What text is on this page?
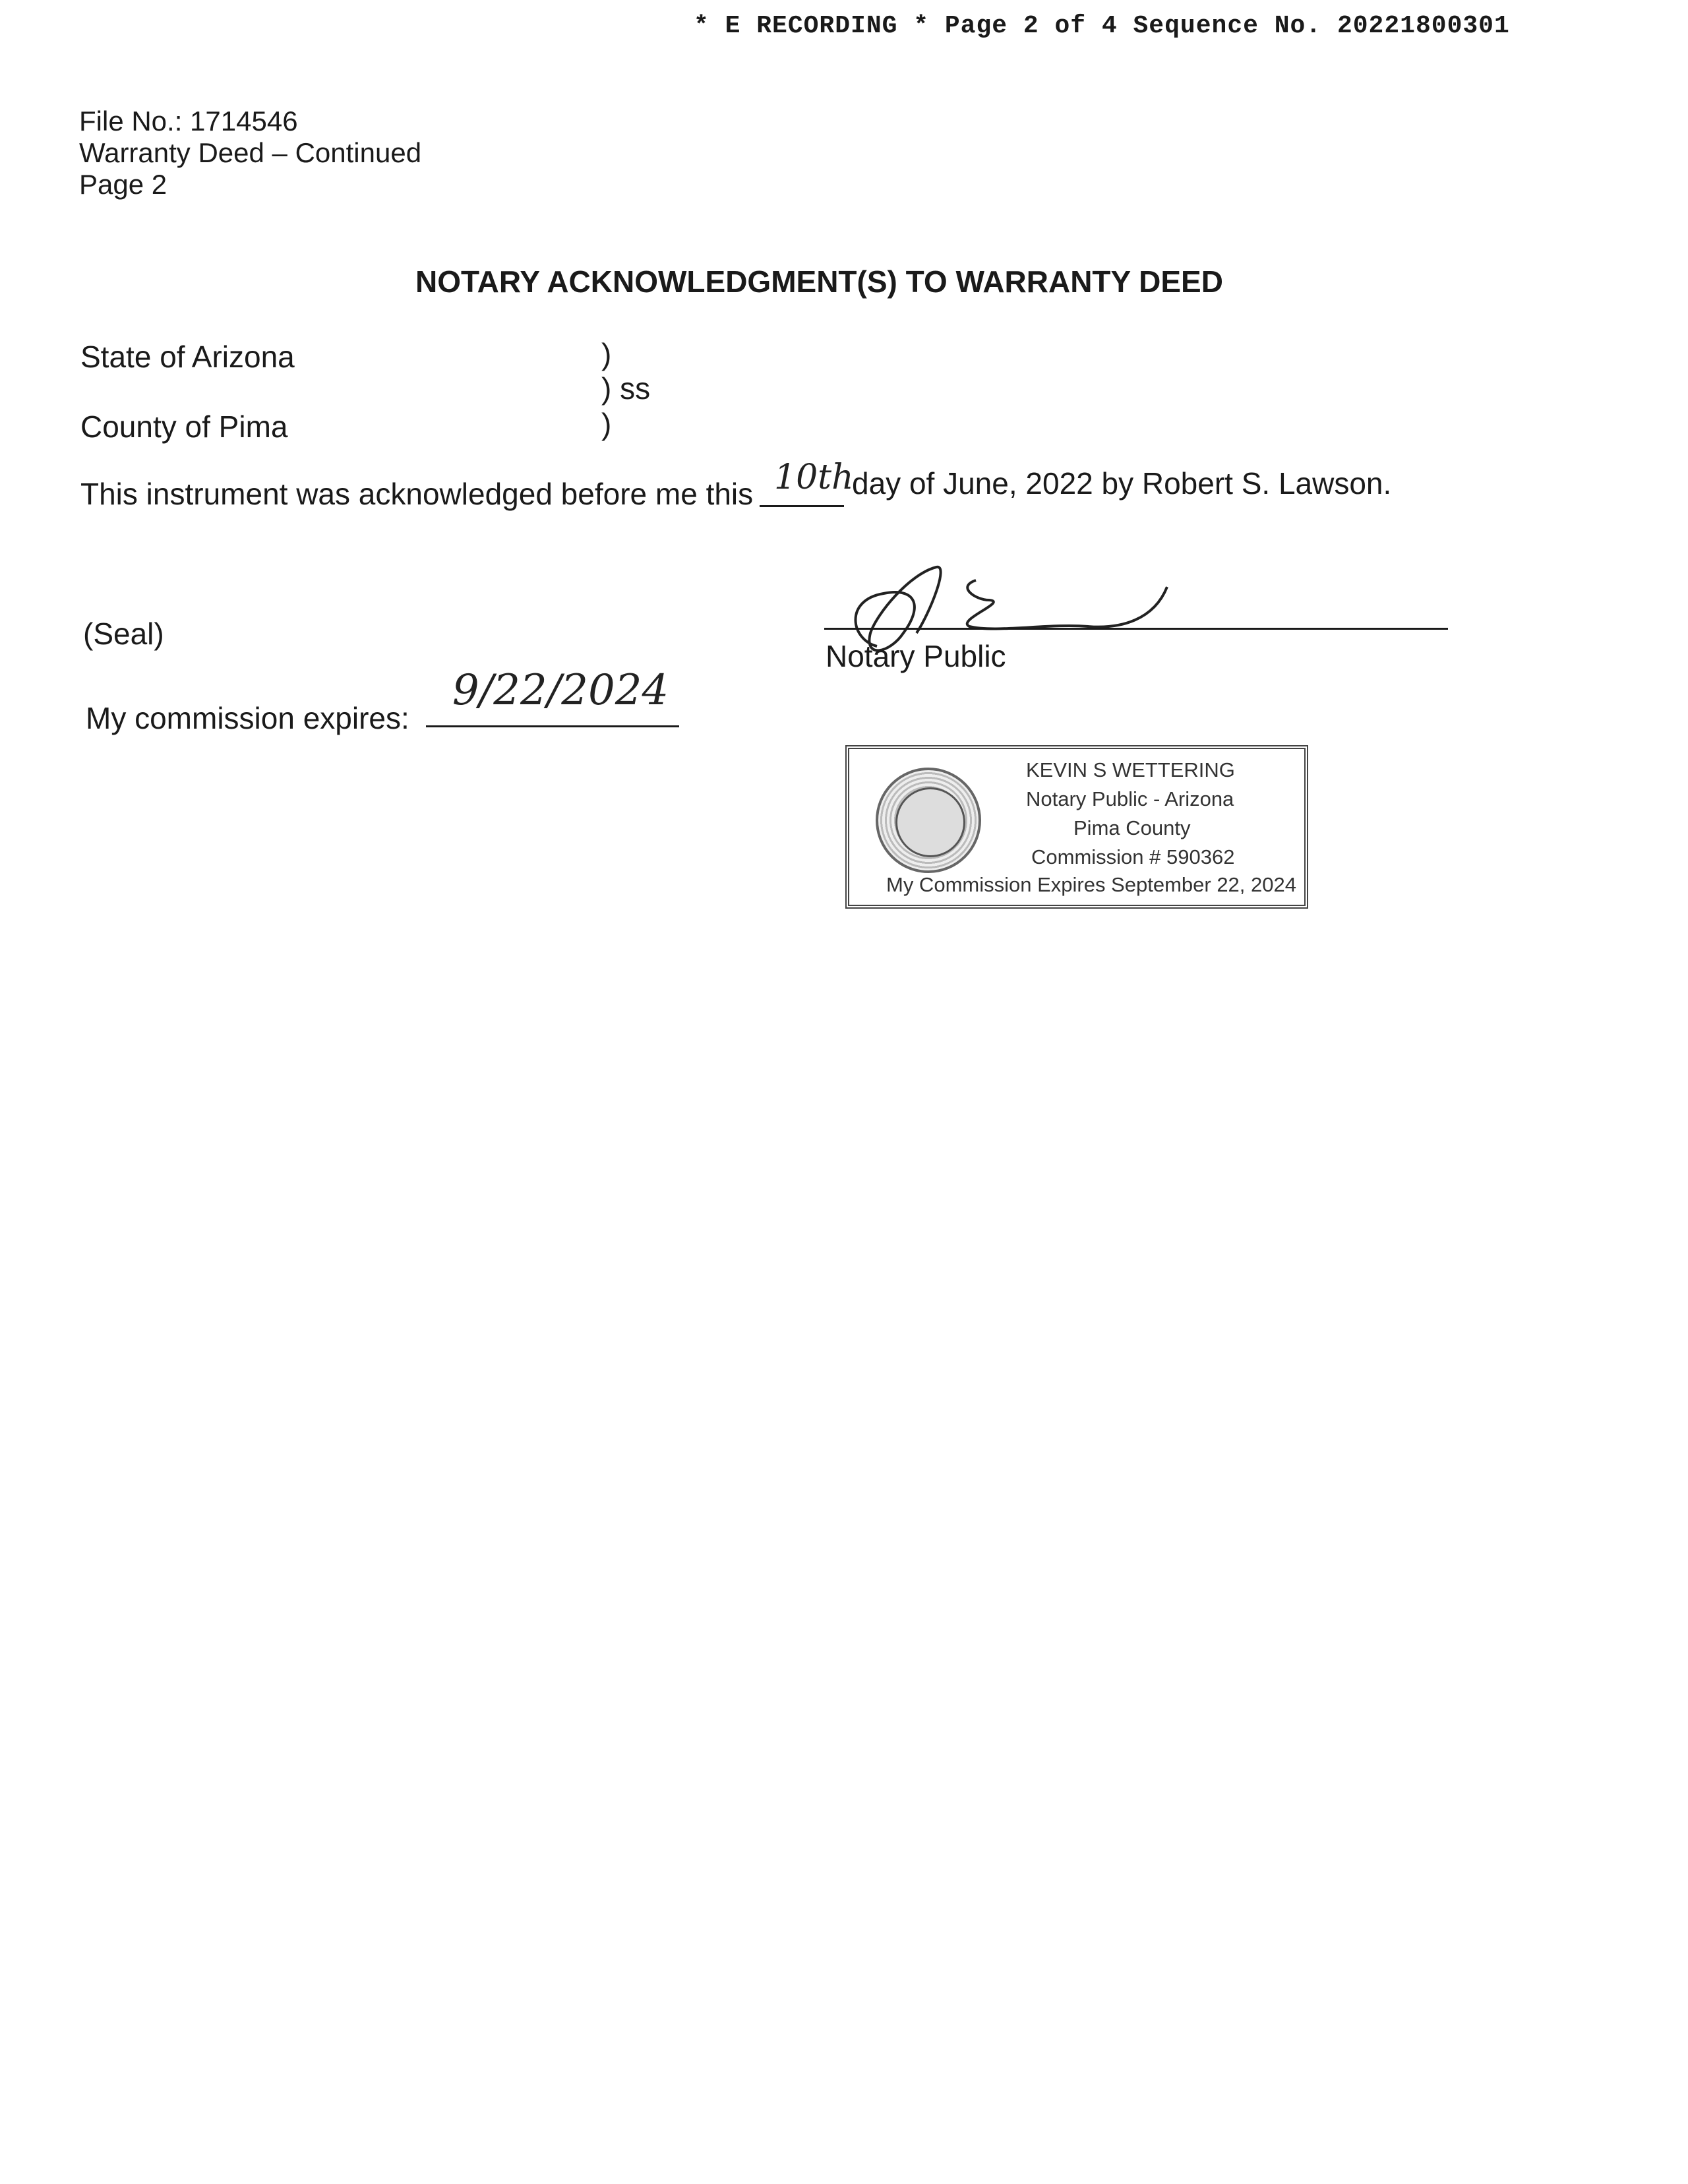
* E RECORDING * Page 2 of 4 Sequence No. 20221800301
File No.: 1714546
Warranty Deed – Continued
Page 2
NOTARY ACKNOWLEDGMENT(S) TO WARRANTY DEED
State of Arizona
County of Pima
)
) ss
)
This instrument was acknowledged before me this 10th
day of June, 2022 by Robert S. Lawson.
(Seal)
Notary Public
My commission expires:
9/22/2024
KEVIN S WETTERING
Notary Public - Arizona
Pima County
Commission # 590362
My Commission Expires September 22, 2024
